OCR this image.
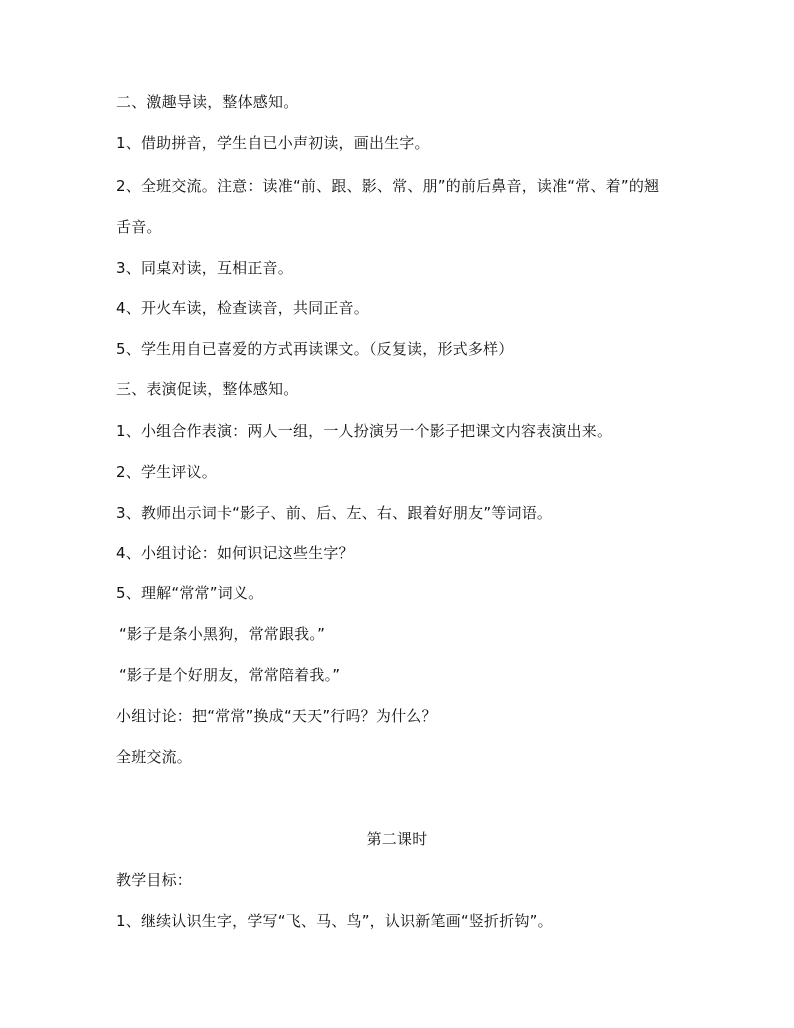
二、激趣导读，整体感知。
1、借助拼音，学生自已小声初读，画出生字。
2、全班交流。注意：读准“前、跟、影、常、朋”的前后鼻音，读准“常、着”的翘
舌音。
3、同桌对读，互相正音。
4、开火车读，检查读音，共同正音。
5、学生用自已喜爱的方式再读课文。（反复读，形式多样）
三、表演促读，整体感知。
1、小组合作表演：两人一组，一人扮演另一个影子把课文内容表演出来。
2、学生评议。
3、教师出示词卡“影子、前、后、左、右、跟着好朋友”等词语。
4、小组讨论：如何识记这些生字？
5、理解“常常”词义。
“影子是条小黑狗，常常跟我。”
“影子是个好朋友，常常陪着我。”
小组讨论：把“常常”换成“天天”行吗？为什么？
全班交流。
第二课时
教学目标：
1、继续认识生字，学写“飞、马、鸟”，认识新笔画“竖折折钩”。
